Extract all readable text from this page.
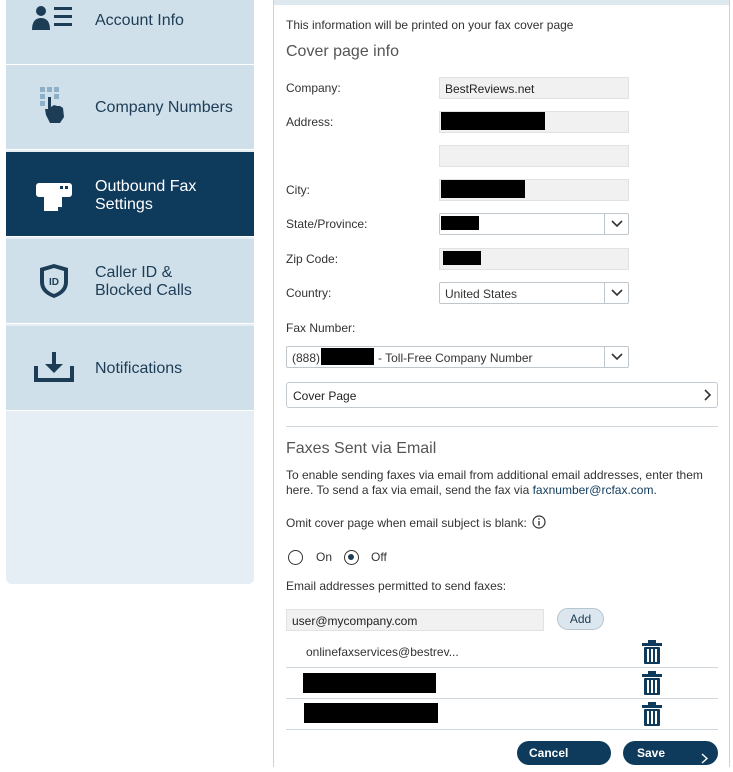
Account Info
Company Numbers
Outbound Fax
Settings
ID
Caller ID &
Blocked Calls
Notifications
This information will be printed on your fax cover page
Cover page info
Company:	BestReviews.net
Address:
City:
State/Province:
Zip Code:
Country:	United States
Fax Number:
(888)	- Toll-Free Company Number
Cover Page
Faxes Sent via Email
To enable sending faxes via email from additional email addresses, enter them here. To send a fax via email, send the fax via faxnumber@rcfax.com.
Omit cover page when email subject is blank:
On	Off
Email addresses permitted to send faxes:
user@mycompany.com	Add
onlinefaxservices@bestrev...
Cancel	Save
